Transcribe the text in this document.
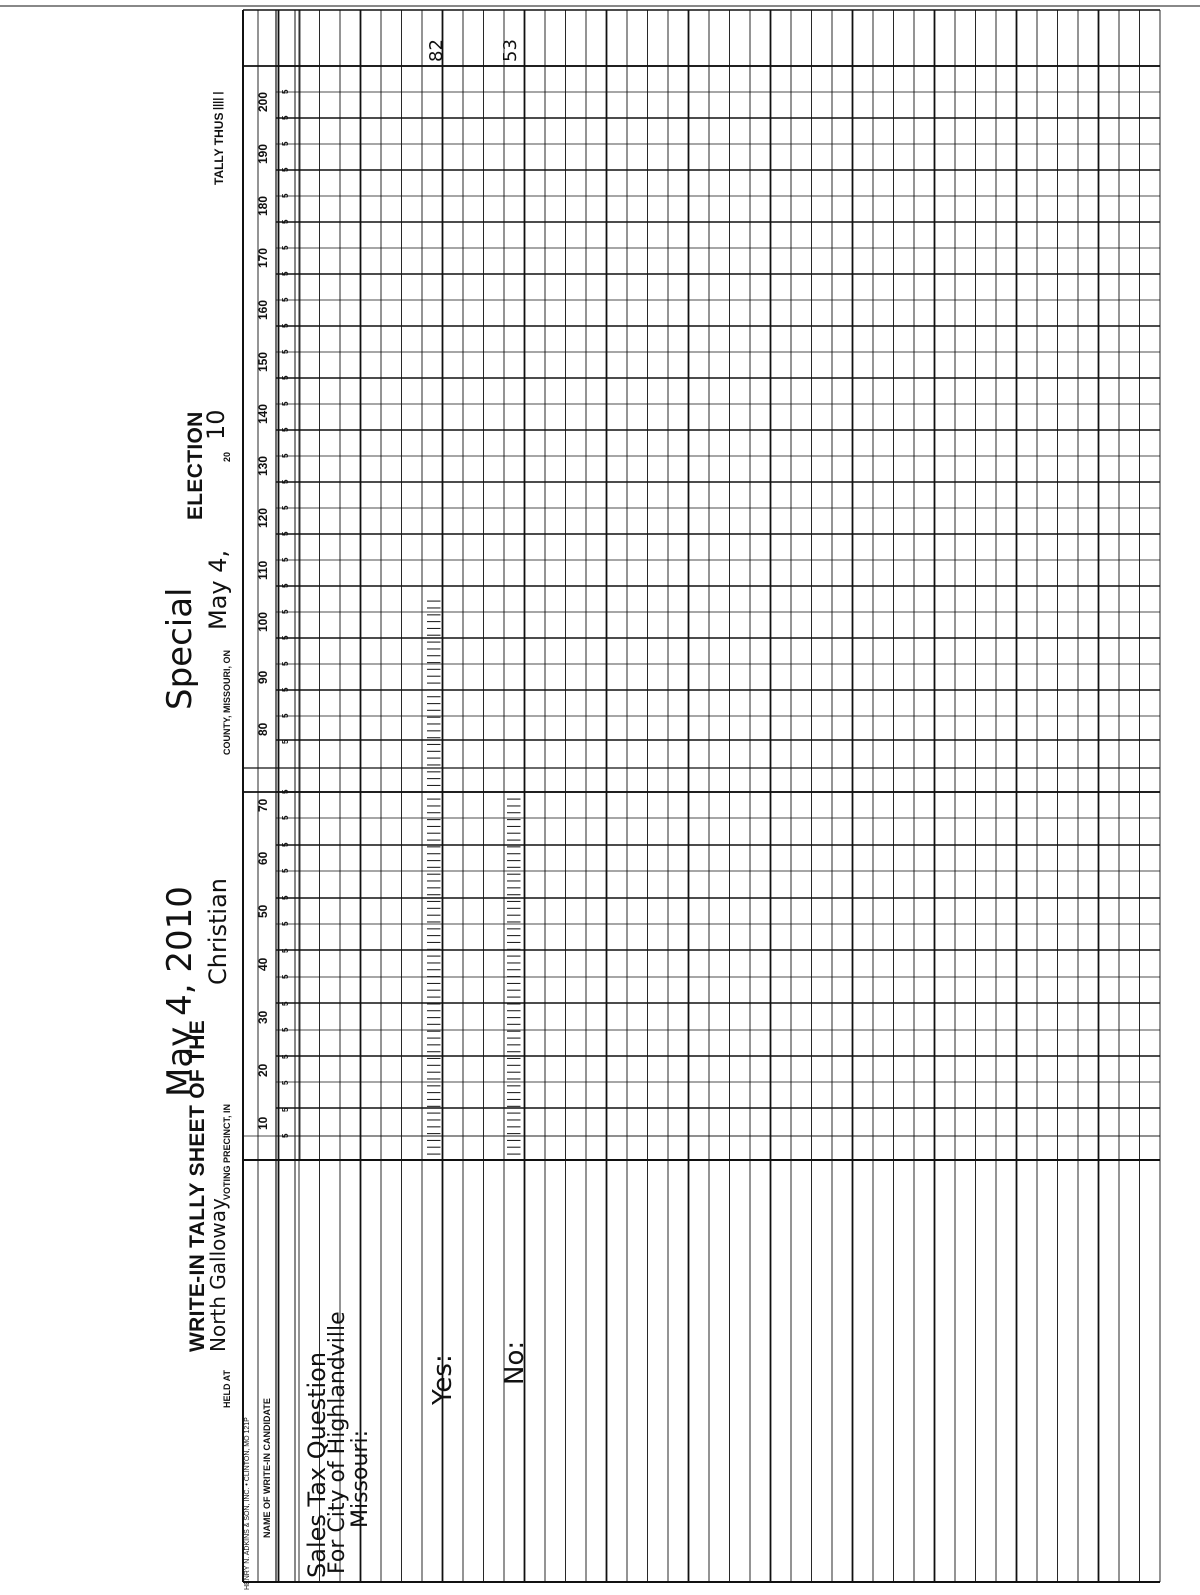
WRITE-IN TALLY SHEET OF THE
May 4, 2010
Special
ELECTION
HELD AT
North Galloway
VOTING PRECINCT, IN
Christian
COUNTY, MISSOURI, ON
May 4,
20
10
TALLY THUS
|||| |
HENRY N. ADKINS & SON, INC. • CLINTON, MO 121P NAME OF WRITE-IN CANDIDATE Sales Tax Question
For City of Highlandville
Missouri:
Yes: No:
||||||||||||||||||||||||||||||||||||||||||||||||||||||||||||||||||||||||||||||||||	|||||||||||||||||||||||||||||||||||||||||||||||||||||
82	53
10
5
5
20
5
5
30
5
5
40
5
5
50
5
5
60
5
5
70
5
5
80
5
5
90
5
5
100
5
5
110
5
5
120
5
5
130
5
5
140
5
5
150
5
5
160
5
5
170
5
5
180
5
5
190
5
5
200
5
5
